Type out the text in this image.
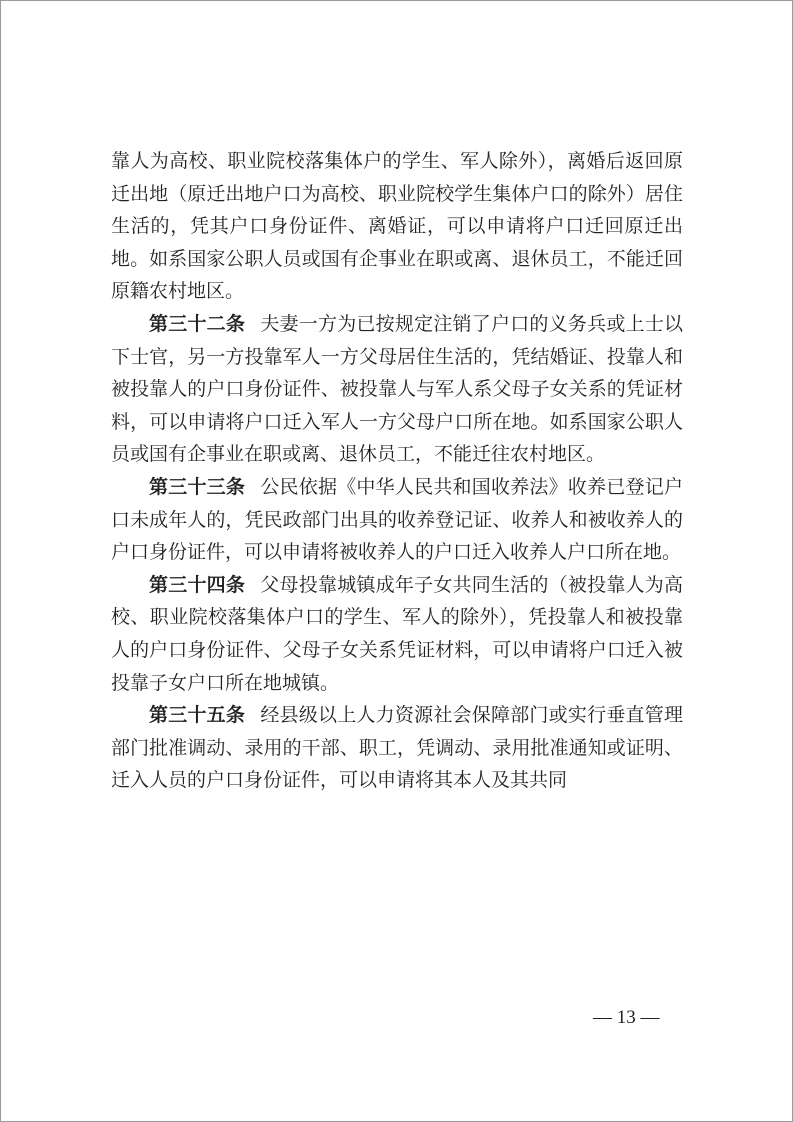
靠人为高校、职业院校落集体户的学生、军人除外），离婚后返回原迁出地（原迁出地户口为高校、职业院校学生集体户口的除外）居住生活的，凭其户口身份证件、离婚证，可以申请将户口迁回原迁出地。如系国家公职人员或国有企事业在职或离、退休员工，不能迁回原籍农村地区。

第三十二条 夫妻一方为已按规定注销了户口的义务兵或上士以下士官，另一方投靠军人一方父母居住生活的，凭结婚证、投靠人和被投靠人的户口身份证件、被投靠人与军人系父母子女关系的凭证材料，可以申请将户口迁入军人一方父母户口所在地。如系国家公职人员或国有企事业在职或离、退休员工，不能迁往农村地区。

第三十三条 公民依据《中华人民共和国收养法》收养已登记户口未成年人的，凭民政部门出具的收养登记证、收养人和被收养人的户口身份证件，可以申请将被收养人的户口迁入收养人户口所在地。

第三十四条 父母投靠城镇成年子女共同生活的（被投靠人为高校、职业院校落集体户口的学生、军人的除外），凭投靠人和被投靠人的户口身份证件、父母子女关系凭证材料，可以申请将户口迁入被投靠子女户口所在地城镇。

第三十五条 经县级以上人力资源社会保障部门或实行垂直管理部门批准调动、录用的干部、职工，凭调动、录用批准通知或证明、迁入人员的户口身份证件，可以申请将其本人及其共同

— 13 —
